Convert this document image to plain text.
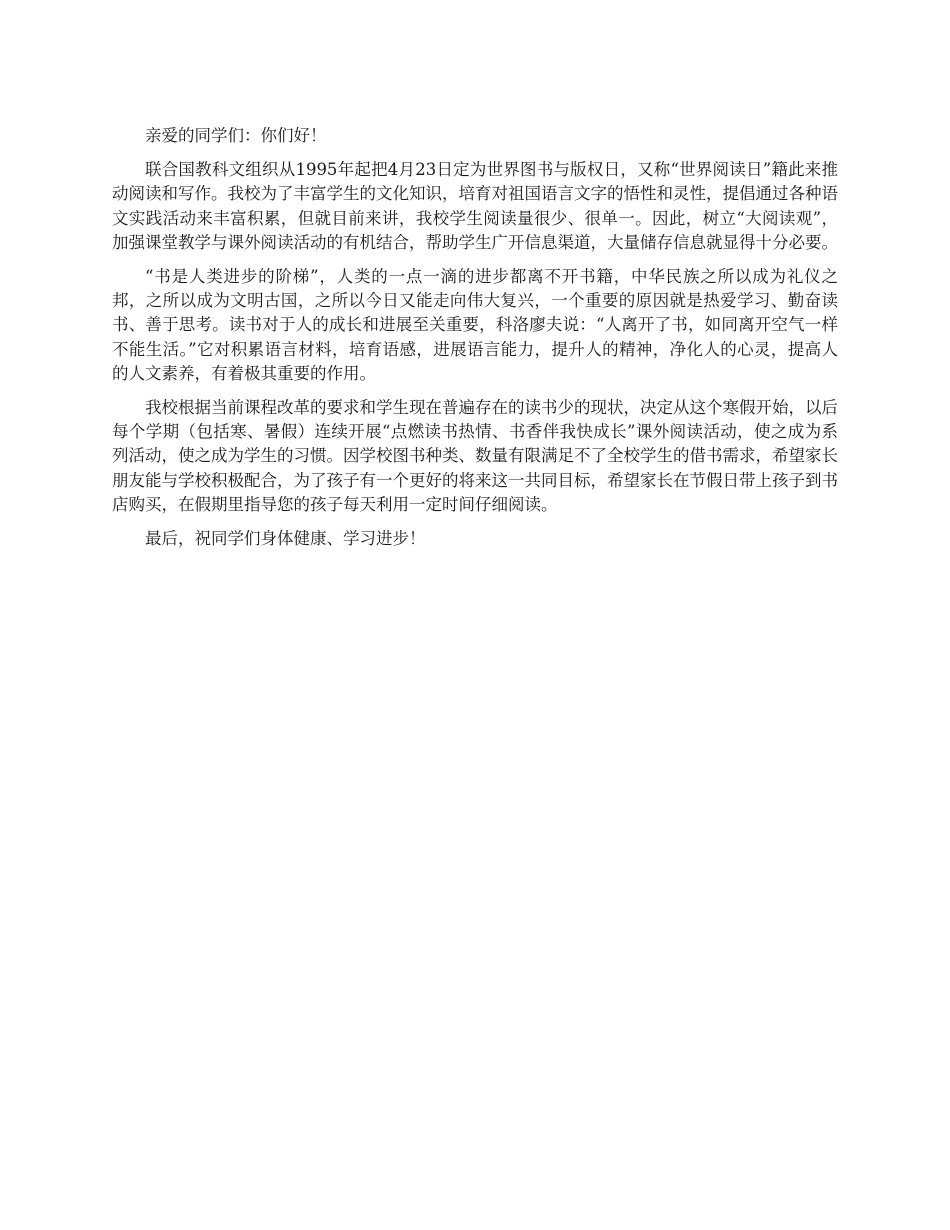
亲爱的同学们：你们好！

联合国教科文组织从1995年起把4月23日定为世界图书与版权日，又称“世界阅读日”籍此来推动阅读和写作。我校为了丰富学生的文化知识，培育对祖国语言文字的悟性和灵性，提倡通过各种语文实践活动来丰富积累，但就目前来讲，我校学生阅读量很少、很单一。因此，树立“大阅读观”，加强课堂教学与课外阅读活动的有机结合，帮助学生广开信息渠道，大量储存信息就显得十分必要。

“书是人类进步的阶梯”，人类的一点一滴的进步都离不开书籍，中华民族之所以成为礼仪之邦，之所以成为文明古国，之所以今日又能走向伟大复兴，一个重要的原因就是热爱学习、勤奋读书、善于思考。读书对于人的成长和进展至关重要，科洛廖夫说：“人离开了书，如同离开空气一样不能生活。”它对积累语言材料，培育语感，进展语言能力，提升人的精神，净化人的心灵，提高人的人文素养，有着极其重要的作用。

我校根据当前课程改革的要求和学生现在普遍存在的读书少的现状，决定从这个寒假开始，以后每个学期（包括寒、暑假）连续开展“点燃读书热情、书香伴我快成长”课外阅读活动，使之成为系列活动，使之成为学生的习惯。因学校图书种类、数量有限满足不了全校学生的借书需求，希望家长朋友能与学校积极配合，为了孩子有一个更好的将来这一共同目标，希望家长在节假日带上孩子到书店购买，在假期里指导您的孩子每天利用一定时间仔细阅读。

最后，祝同学们身体健康、学习进步！
